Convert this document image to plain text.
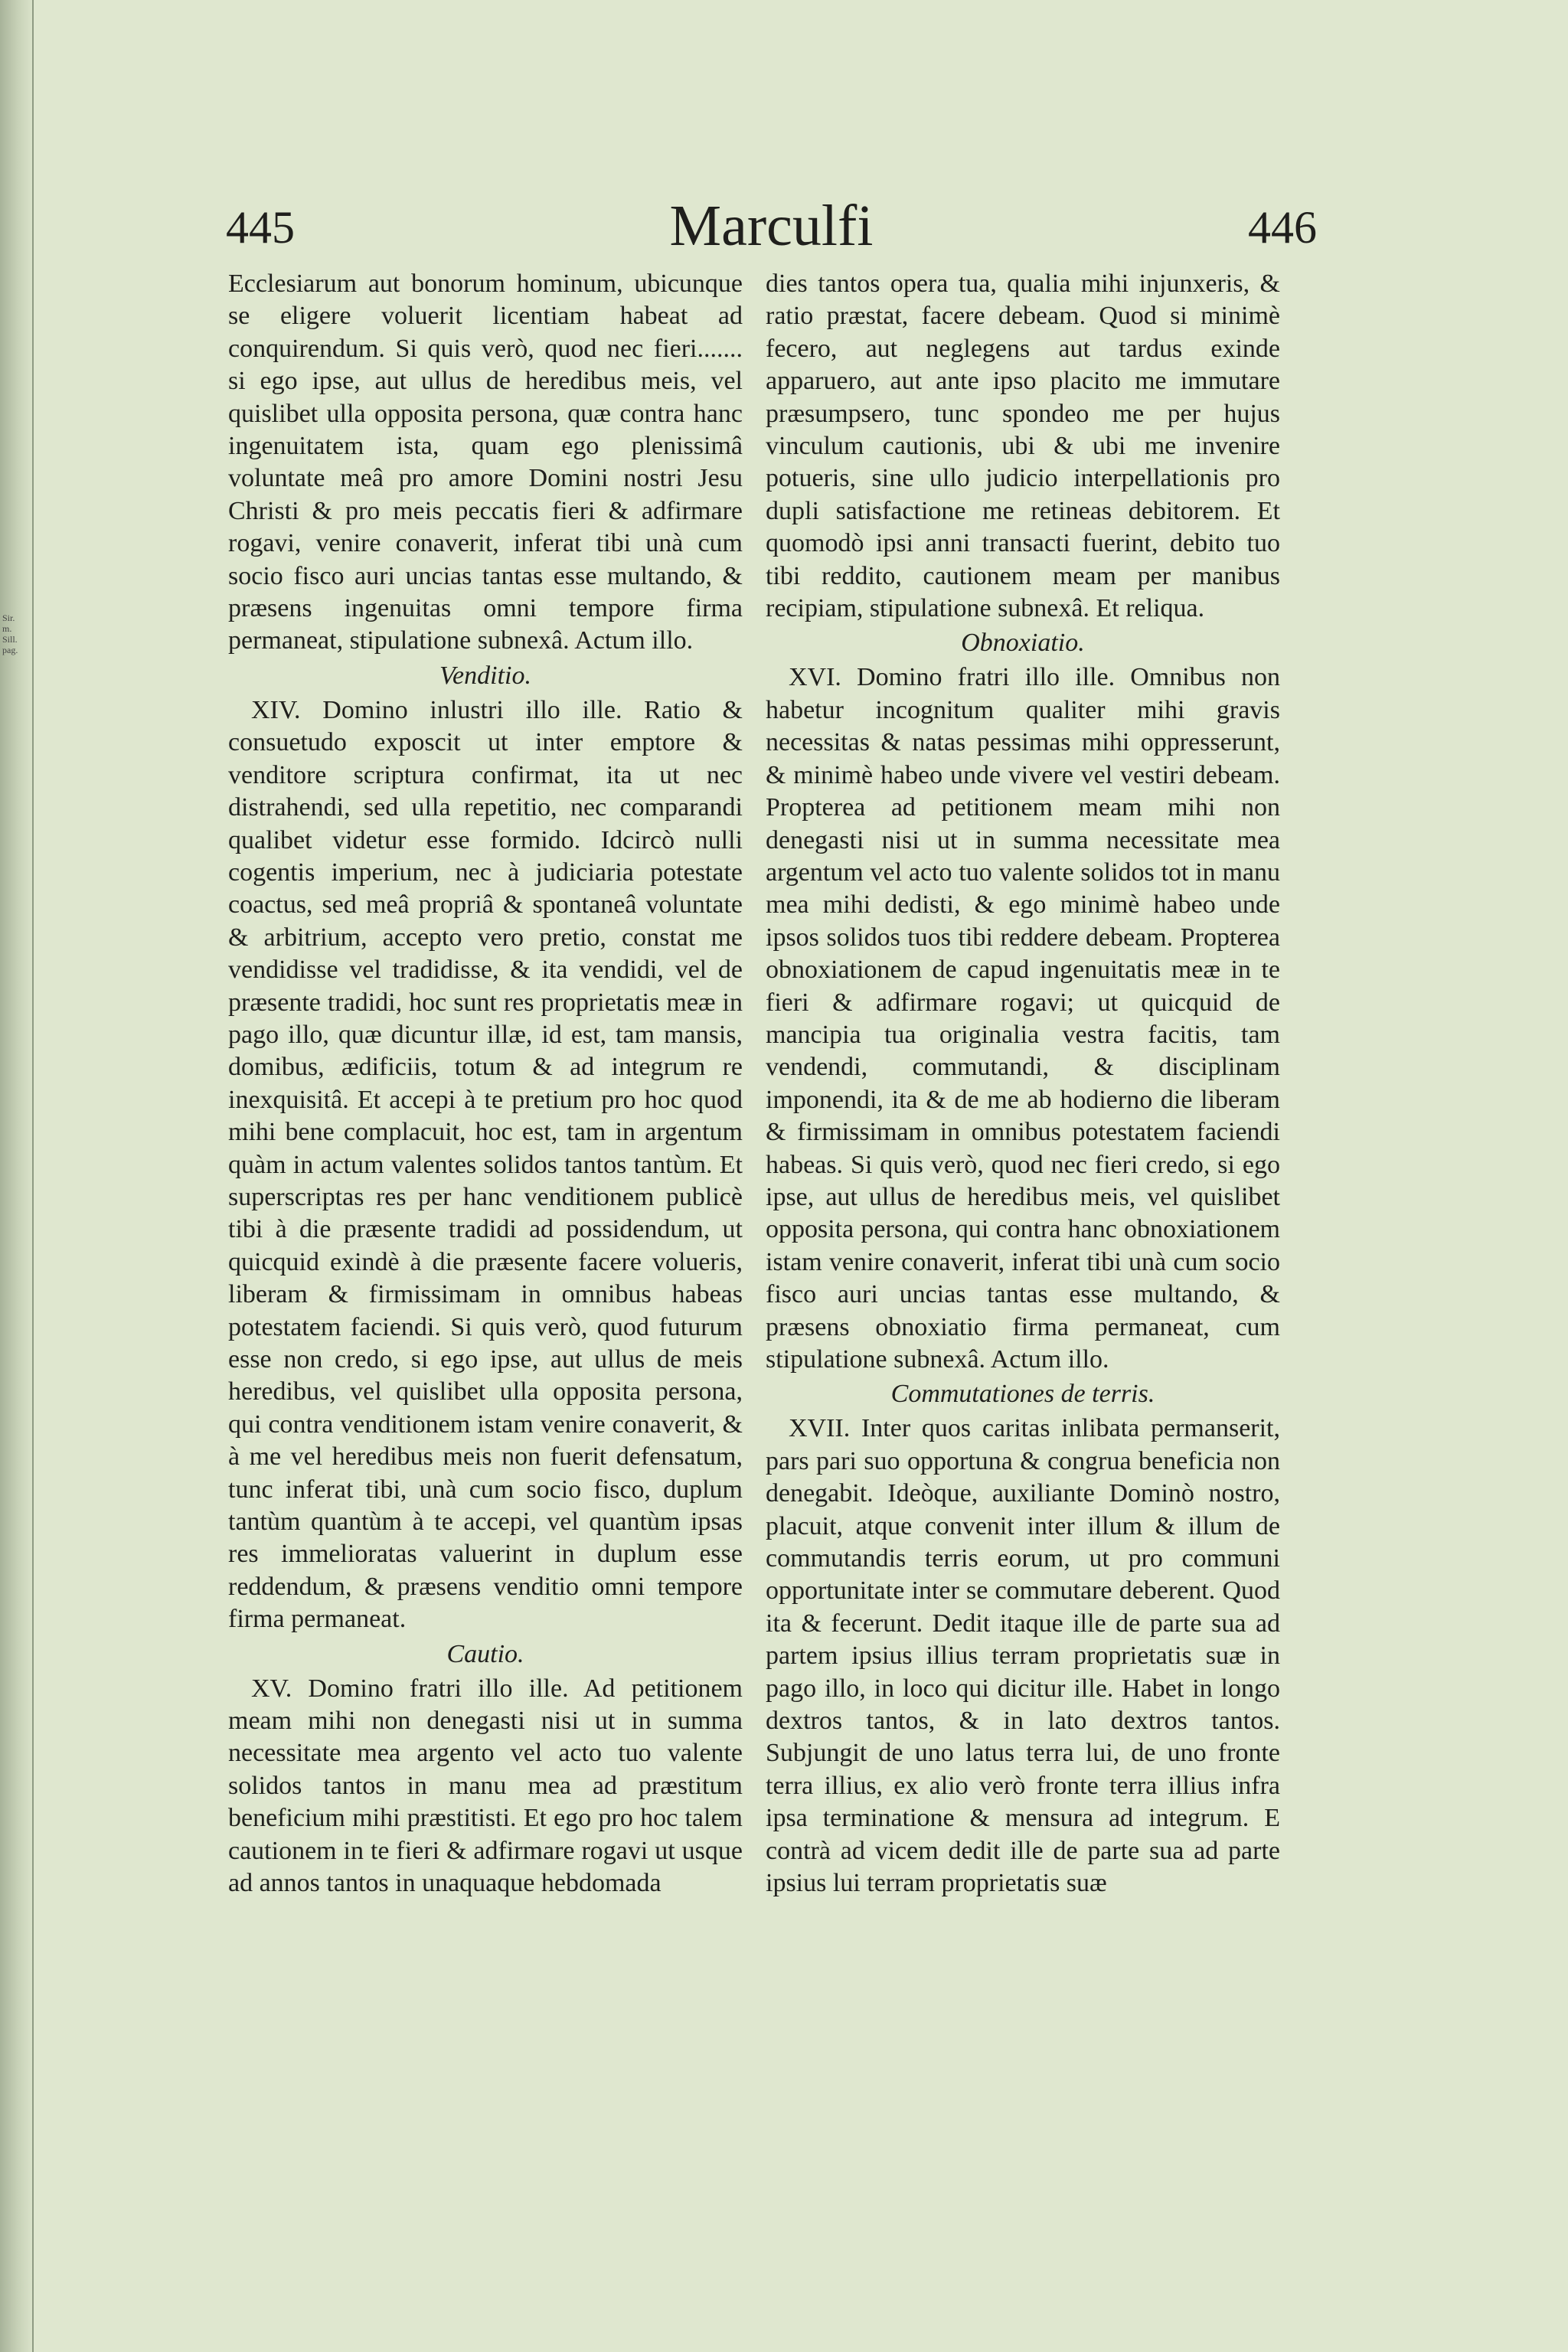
Sir.
m.
Sill.
pag.
445	Marculfi	446

Ecclesiarum aut bonorum hominum, ubicunque se eligere voluerit licentiam habeat ad conquirendum. Si quis verò, quod nec fieri....... si ego ipse, aut ullus de heredibus meis, vel quislibet ulla opposita persona, quæ contra hanc ingenuitatem ista, quam ego plenissimâ voluntate meâ pro amore Domini nostri Jesu Christi & pro meis peccatis fieri & adfirmare rogavi, venire conaverit, inferat tibi unà cum socio fisco auri uncias tantas esse multando, & præsens ingenuitas omni tempore firma permaneat, stipulatione subnexâ. Actum illo.

Venditio.

XIV. Domino inlustri illo ille. Ratio & consuetudo exposcit ut inter emptore & venditore scriptura confirmat, ita ut nec distrahendi, sed ulla repetitio, nec comparandi qualibet videtur esse formido. Idcircò nulli cogentis imperium, nec à judiciaria potestate coactus, sed meâ propriâ & spontaneâ voluntate & arbitrium, accepto vero pretio, constat me vendidisse vel tradidisse, & ita vendidi, vel de præsente tradidi, hoc sunt res proprietatis meæ in pago illo, quæ dicuntur illæ, id est, tam mansis, domibus, ædificiis, totum & ad integrum re inexquisitâ. Et accepi à te pretium pro hoc quod mihi bene complacuit, hoc est, tam in argentum quàm in actum valentes solidos tantos tantùm. Et superscriptas res per hanc venditionem publicè tibi à die præsente tradidi ad possidendum, ut quicquid exindè à die præsente facere volueris, liberam & firmissimam in omnibus habeas potestatem faciendi. Si quis verò, quod futurum esse non credo, si ego ipse, aut ullus de meis heredibus, vel quislibet ulla opposita persona, qui contra venditionem istam venire conaverit, & à me vel heredibus meis non fuerit defensatum, tunc inferat tibi, unà cum socio fisco, duplum tantùm quantùm à te accepi, vel quantùm ipsas res immelioratas valuerint in duplum esse reddendum, & præsens venditio omni tempore firma permaneat.

Cautio.

XV. Domino fratri illo ille. Ad petitionem meam mihi non denegasti nisi ut in summa necessitate mea argento vel acto tuo valente solidos tantos in manu mea ad præstitum beneficium mihi præstitisti. Et ego pro hoc talem cautionem in te fieri & adfirmare rogavi ut usque ad annos tantos in unaquaque hebdomada

dies tantos opera tua, qualia mihi injunxeris, & ratio præstat, facere debeam. Quod si minimè fecero, aut neglegens aut tardus exinde apparuero, aut ante ipso placito me immutare præsumpsero, tunc spondeo me per hujus vinculum cautionis, ubi & ubi me invenire potueris, sine ullo judicio interpellationis pro dupli satisfactione me retineas debitorem. Et quomodò ipsi anni transacti fuerint, debito tuo tibi reddito, cautionem meam per manibus recipiam, stipulatione subnexâ. Et reliqua.

Obnoxiatio.

XVI. Domino fratri illo ille. Omnibus non habetur incognitum qualiter mihi gravis necessitas & natas pessimas mihi oppresserunt, & minimè habeo unde vivere vel vestiri debeam. Propterea ad petitionem meam mihi non denegasti nisi ut in summa necessitate mea argentum vel acto tuo valente solidos tot in manu mea mihi dedisti, & ego minimè habeo unde ipsos solidos tuos tibi reddere debeam. Propterea obnoxiationem de capud ingenuitatis meæ in te fieri & adfirmare rogavi; ut quicquid de mancipia tua originalia vestra facitis, tam vendendi, commutandi, & disciplinam imponendi, ita & de me ab hodierno die liberam & firmissimam in omnibus potestatem faciendi habeas. Si quis verò, quod nec fieri credo, si ego ipse, aut ullus de heredibus meis, vel quislibet opposita persona, qui contra hanc obnoxiationem istam venire conaverit, inferat tibi unà cum socio fisco auri uncias tantas esse multando, & præsens obnoxiatio firma permaneat, cum stipulatione subnexâ. Actum illo.

Commutationes de terris.

XVII. Inter quos caritas inlibata permanserit, pars pari suo opportuna & congrua beneficia non denegabit. Ideòque, auxiliante Dominò nostro, placuit, atque convenit inter illum & illum de commutandis terris eorum, ut pro communi opportunitate inter se commutare deberent. Quod ita & fecerunt. Dedit itaque ille de parte sua ad partem ipsius illius terram proprietatis suæ in pago illo, in loco qui dicitur ille. Habet in longo dextros tantos, & in lato dextros tantos. Subjungit de uno latus terra lui, de uno fronte terra illius, ex alio verò fronte terra illius infra ipsa terminatione & mensura ad integrum. E contrà ad vicem dedit ille de parte sua ad parte ipsius lui terram proprietatis suæ
